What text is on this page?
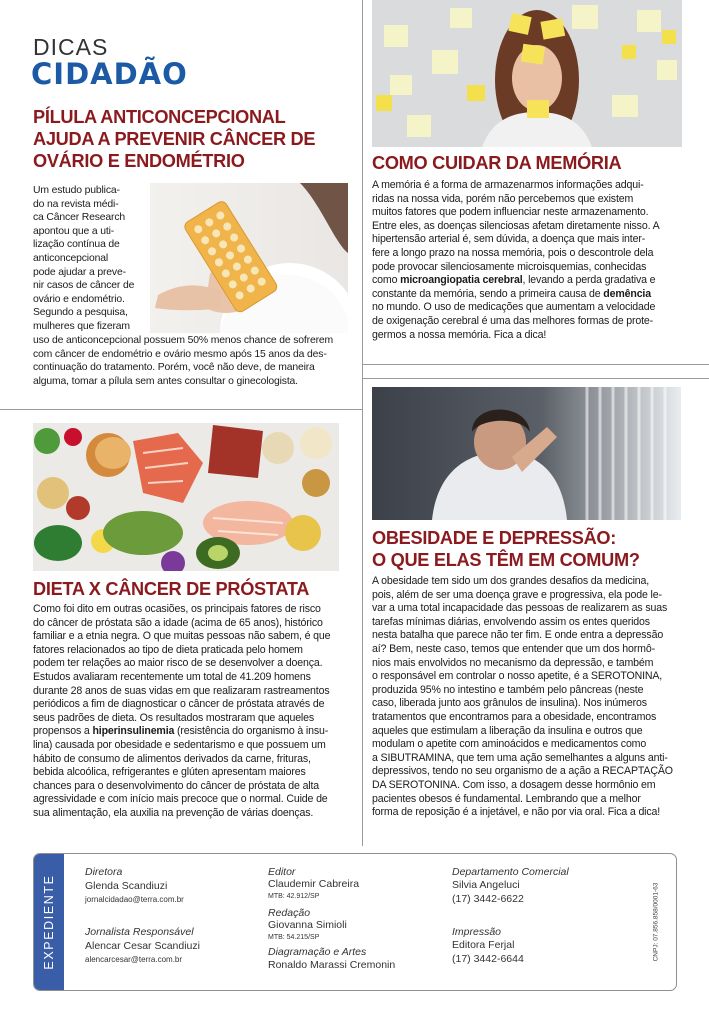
DICAS
CIDADÃO
PÍLULA ANTICONCEPCIONAL
AJUDA A PREVENIR CÂNCER DE
OVÁRIO E ENDOMÉTRIO
Um estudo publica-
do na revista médi-
ca Câncer Research
apontou que a uti-
lização contínua de
anticoncepcional
pode ajudar a preve-
nir casos de câncer de
ovário e endométrio.
Segundo a pesquisa,
mulheres que fizeram
uso de anticoncepcional possuem 50% menos chance de sofrerem
com câncer de endométrio e ovário mesmo após 15 anos da des-
continuação do tratamento. Porém, você não deve, de maneira
alguma, tomar a pílula sem antes consultar o ginecologista.
COMO CUIDAR DA MEMÓRIA
A memória é a forma de armazenarmos informações adqui-
ridas na nossa vida, porém não percebemos que existem
muitos fatores que podem influenciar neste armazenamento.
Entre eles, as doenças silenciosas afetam diretamente nisso. A
hipertensão arterial é, sem dúvida, a doença que mais inter-
fere a longo prazo na nossa memória, pois o descontrole dela
pode provocar silenciosamente microisquemias, conhecidas
como microangiopatia cerebral, levando a perda gradativa e
constante da memória, sendo a primeira causa de demência
no mundo. O uso de medicações que aumentam a velocidade
de oxigenação cerebral é uma das melhores formas de prote-
germos a nossa memória. Fica a dica!
DIETA X CÂNCER DE PRÓSTATA
Como foi dito em outras ocasiões, os principais fatores de risco
do câncer de próstata são a idade (acima de 65 anos), histórico
familiar e a etnia negra. O que muitas pessoas não sabem, é que
fatores relacionados ao tipo de dieta praticada pelo homem
podem ter relações ao maior risco de se desenvolver a doença.
Estudos avaliaram recentemente um total de 41.209 homens
durante 28 anos de suas vidas em que realizaram rastreamentos
periódicos a fim de diagnosticar o câncer de próstata através de
seus padrões de dieta. Os resultados mostraram que aqueles
propensos a hiperinsulinemia (resistência do organismo à insu-
lina) causada por obesidade e sedentarismo e que possuem um
hábito de consumo de alimentos derivados da carne, frituras,
bebida alcoólica, refrigerantes e glúten apresentam maiores
chances para o desenvolvimento do câncer de próstata de alta
agressividade e com início mais precoce que o normal. Cuide de
sua alimentação, ela auxilia na prevenção de várias doenças.
OBESIDADE E DEPRESSÃO:
O QUE ELAS TÊM EM COMUM?
A obesidade tem sido um dos grandes desafios da medicina,
pois, além de ser uma doença grave e progressiva, ela pode le-
var a uma total incapacidade das pessoas de realizarem as suas
tarefas mínimas diárias, envolvendo assim os entes queridos
nesta batalha que parece não ter fim. E onde entra a depressão
aí? Bem, neste caso, temos que entender que um dos hormô-
nios mais envolvidos no mecanismo da depressão, e também
o responsável em controlar o nosso apetite, é a SEROTONINA,
produzida 95% no intestino e também pelo pâncreas (neste
caso, liberada junto aos grânulos de insulina). Nos inúmeros
tratamentos que encontramos para a obesidade, encontramos
aqueles que estimulam a liberação da insulina e outros que
modulam o apetite com aminoácidos e medicamentos como
a SIBUTRAMINA, que tem uma ação semelhantes a alguns anti-
depressivos, tendo no seu organismo de a ação a RECAPTAÇÃO
DA SEROTONINA. Com isso, a dosagem desse hormônio em
pacientes obesos é fundamental. Lembrando que a melhor
forma de reposição é a injetável, e não por via oral. Fica a dica!
EXPEDIENTE	CNPJ: 07.856.858/0001-63
Diretora
Glenda Scandiuzi
jornalcidadao@terra.com.br
Jornalista Responsável
Alencar Cesar Scandiuzi
alencarcesar@terra.com.br
Editor
Claudemir Cabreira
MTB: 42.912/SP
Redação
Giovanna Simioli
MTB: 54.215/SP
Diagramação e Artes
Ronaldo Marassi Cremonin
Departamento Comercial
Silvia Angeluci
(17) 3442-6622
Impressão
Editora Ferjal
(17) 3442-6644
